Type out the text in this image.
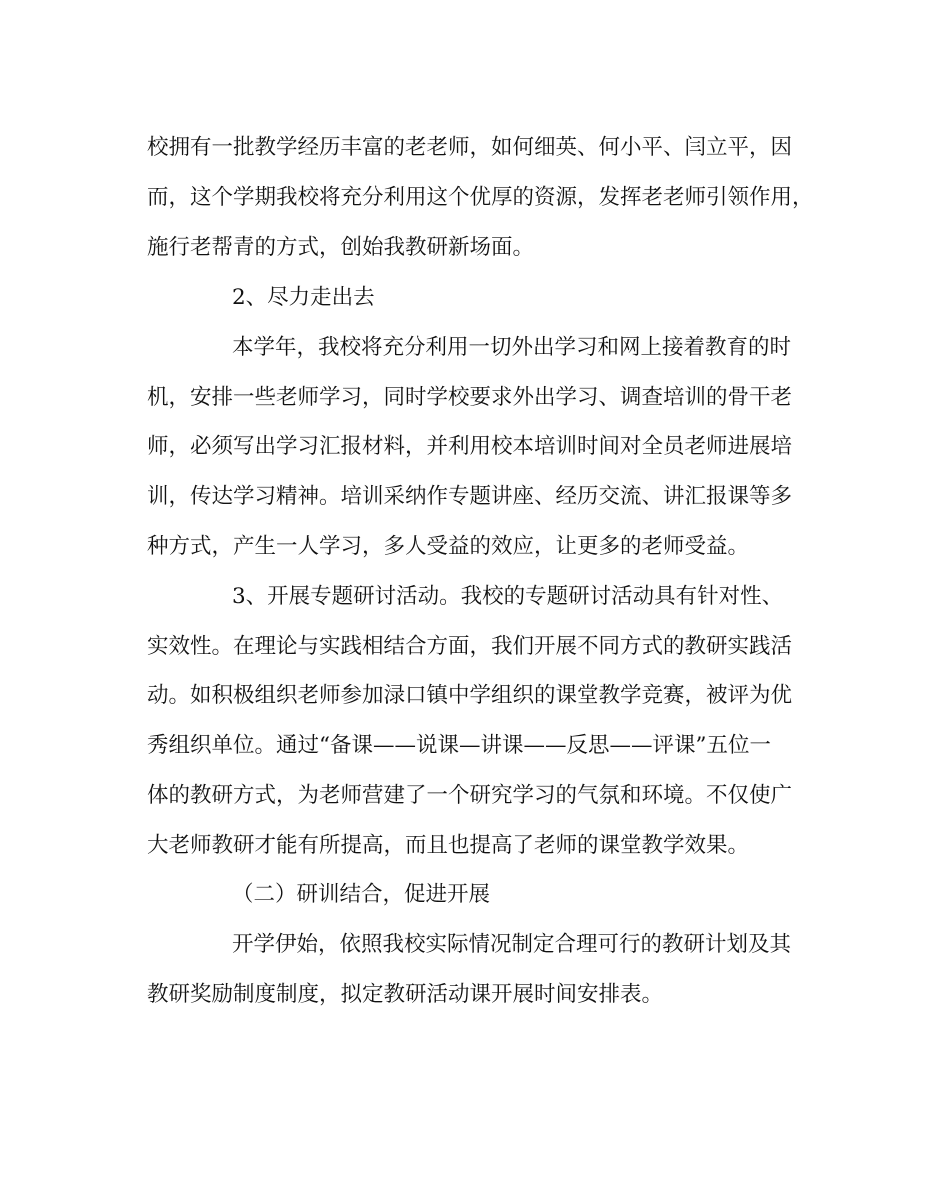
校拥有一批教学经历丰富的老老师，如何细英、何小平、闫立平，因
而，这个学期我校将充分利用这个优厚的资源，发挥老老师引领作用，
施行老帮青的方式，创始我教研新场面。
2、尽力走出去
本学年，我校将充分利用一切外出学习和网上接着教育的时
机，安排一些老师学习，同时学校要求外出学习、调查培训的骨干老
师，必须写出学习汇报材料，并利用校本培训时间对全员老师进展培
训，传达学习精神。培训采纳作专题讲座、经历交流、讲汇报课等多
种方式，产生一人学习，多人受益的效应，让更多的老师受益。
3、开展专题研讨活动。我校的专题研讨活动具有针对性、
实效性。在理论与实践相结合方面，我们开展不同方式的教研实践活
动。如积极组织老师参加渌口镇中学组织的课堂教学竞赛，被评为优
秀组织单位。通过“备课——说课—讲课——反思——评课”五位一
体的教研方式，为老师营建了一个研究学习的气氛和环境。不仅使广
大老师教研才能有所提高，而且也提高了老师的课堂教学效果。
（二）研训结合，促进开展
开学伊始，依照我校实际情况制定合理可行的教研计划及其
教研奖励制度制度，拟定教研活动课开展时间安排表。
